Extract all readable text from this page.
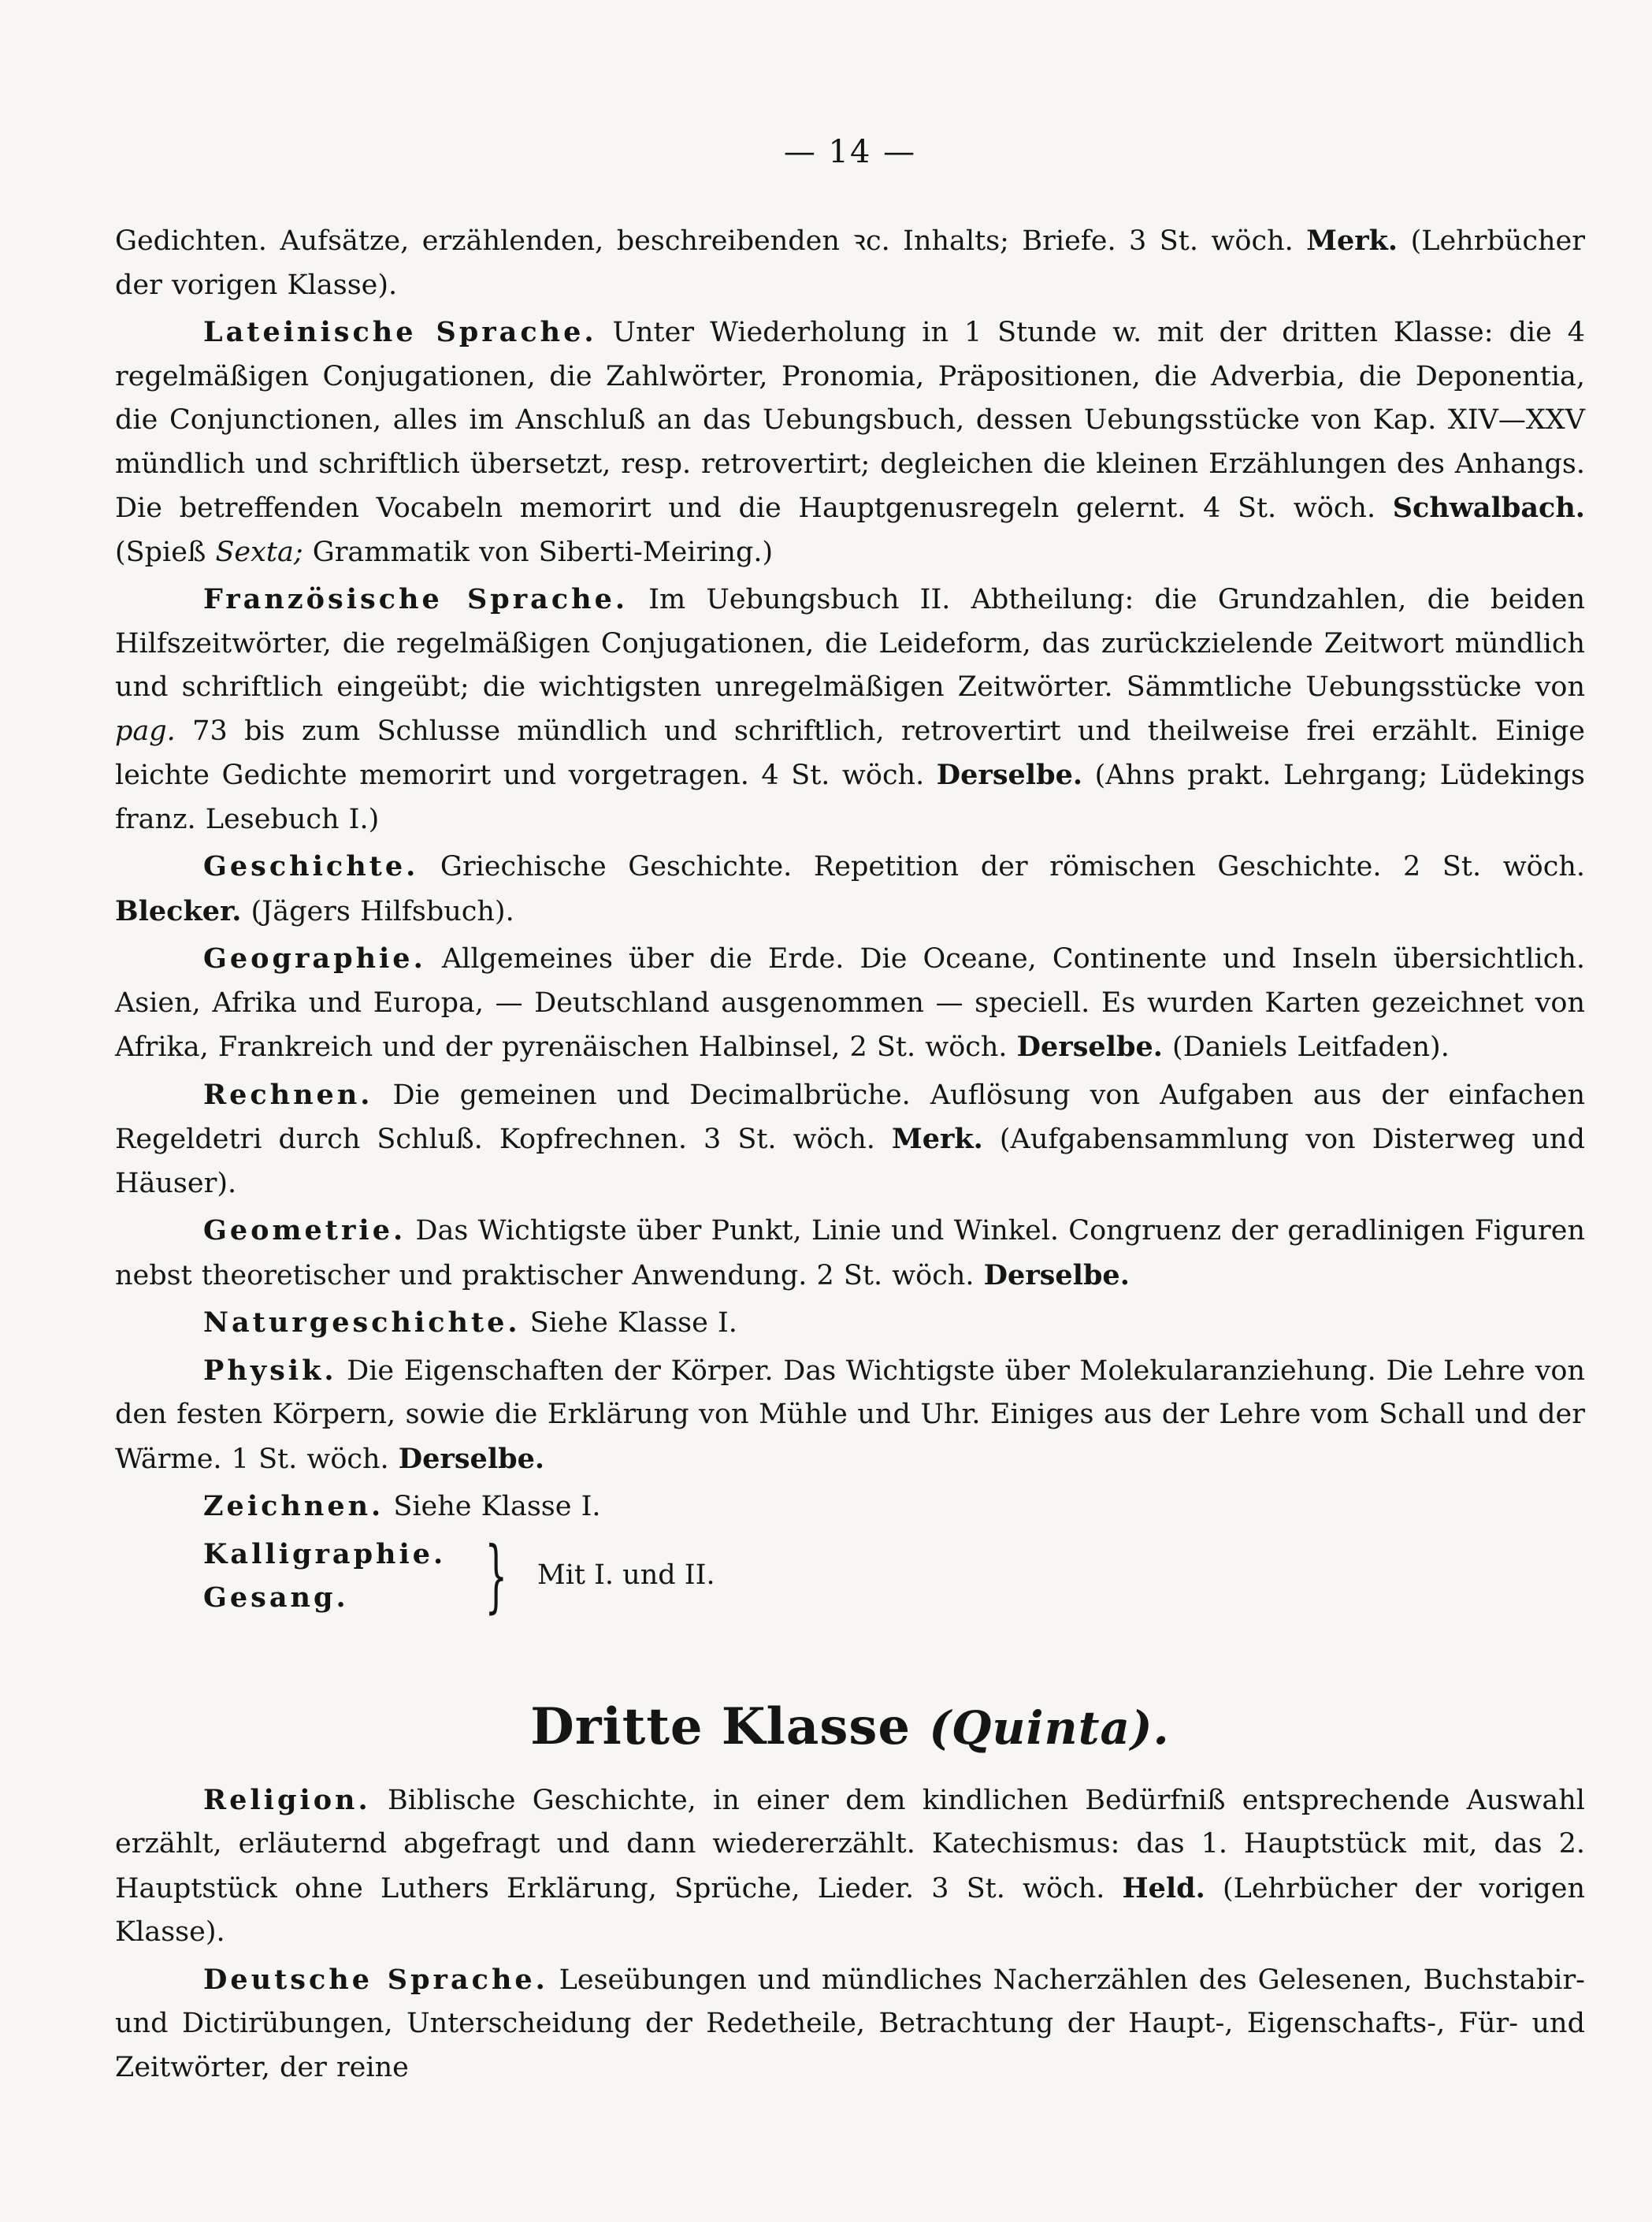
— 14 —

Gedichten. Aufsätze, erzählenden, beschreibenden ꝛc. Inhalts; Briefe. 3 St. wöch. Merk. (Lehrbücher der vorigen Klasse).

Lateinische Sprache. Unter Wiederholung in 1 Stunde w. mit der dritten Klasse: die 4 regelmäßigen Conjugationen, die Zahlwörter, Pronomia, Präpositionen, die Adverbia, die Deponentia, die Conjunctionen, alles im Anschluß an das Uebungsbuch, dessen Uebungsstücke von Kap. XIV—XXV mündlich und schriftlich übersetzt, resp. retrovertirt; degleichen die kleinen Erzählungen des Anhangs. Die betreffenden Vocabeln memorirt und die Hauptgenusregeln gelernt. 4 St. wöch. Schwalbach. (Spieß Sexta; Grammatik von Siberti-Meiring.)

Französische Sprache. Im Uebungsbuch II. Abtheilung: die Grundzahlen, die beiden Hilfszeitwörter, die regelmäßigen Conjugationen, die Leideform, das zurückzielende Zeitwort mündlich und schriftlich eingeübt; die wichtigsten unregelmäßigen Zeitwörter. Sämmtliche Uebungsstücke von pag. 73 bis zum Schlusse mündlich und schriftlich, retrovertirt und theilweise frei erzählt. Einige leichte Gedichte memorirt und vorgetragen. 4 St. wöch. Derselbe. (Ahns prakt. Lehrgang; Lüdekings franz. Lesebuch I.)

Geschichte. Griechische Geschichte. Repetition der römischen Geschichte. 2 St. wöch. Blecker. (Jägers Hilfsbuch).

Geographie. Allgemeines über die Erde. Die Oceane, Continente und Inseln übersichtlich. Asien, Afrika und Europa, — Deutschland ausgenommen — speciell. Es wurden Karten gezeichnet von Afrika, Frankreich und der pyrenäischen Halbinsel, 2 St. wöch. Derselbe. (Daniels Leitfaden).

Rechnen. Die gemeinen und Decimalbrüche. Auflösung von Aufgaben aus der einfachen Regeldetri durch Schluß. Kopfrechnen. 3 St. wöch. Merk. (Aufgabensammlung von Disterweg und Häuser).

Geometrie. Das Wichtigste über Punkt, Linie und Winkel. Congruenz der geradlinigen Figuren nebst theoretischer und praktischer Anwendung. 2 St. wöch. Derselbe.

Naturgeschichte. Siehe Klasse I.

Physik. Die Eigenschaften der Körper. Das Wichtigste über Molekularanziehung. Die Lehre von den festen Körpern, sowie die Erklärung von Mühle und Uhr. Einiges aus der Lehre vom Schall und der Wärme. 1 St. wöch. Derselbe.

Zeichnen. Siehe Klasse I.

Kalligraphie.
Gesang.	} Mit I. und II.
Dritte Klasse (Quinta).

Religion. Biblische Geschichte, in einer dem kindlichen Bedürfniß entsprechende Auswahl erzählt, erläuternd abgefragt und dann wiedererzählt. Katechismus: das 1. Hauptstück mit, das 2. Hauptstück ohne Luthers Erklärung, Sprüche, Lieder. 3 St. wöch. Held. (Lehrbücher der vorigen Klasse).

Deutsche Sprache. Leseübungen und mündliches Nacherzählen des Gelesenen, Buchstabir- und Dictirübungen, Unterscheidung der Redetheile, Betrachtung der Haupt-, Eigenschafts-, Für- und Zeitwörter, der reine
